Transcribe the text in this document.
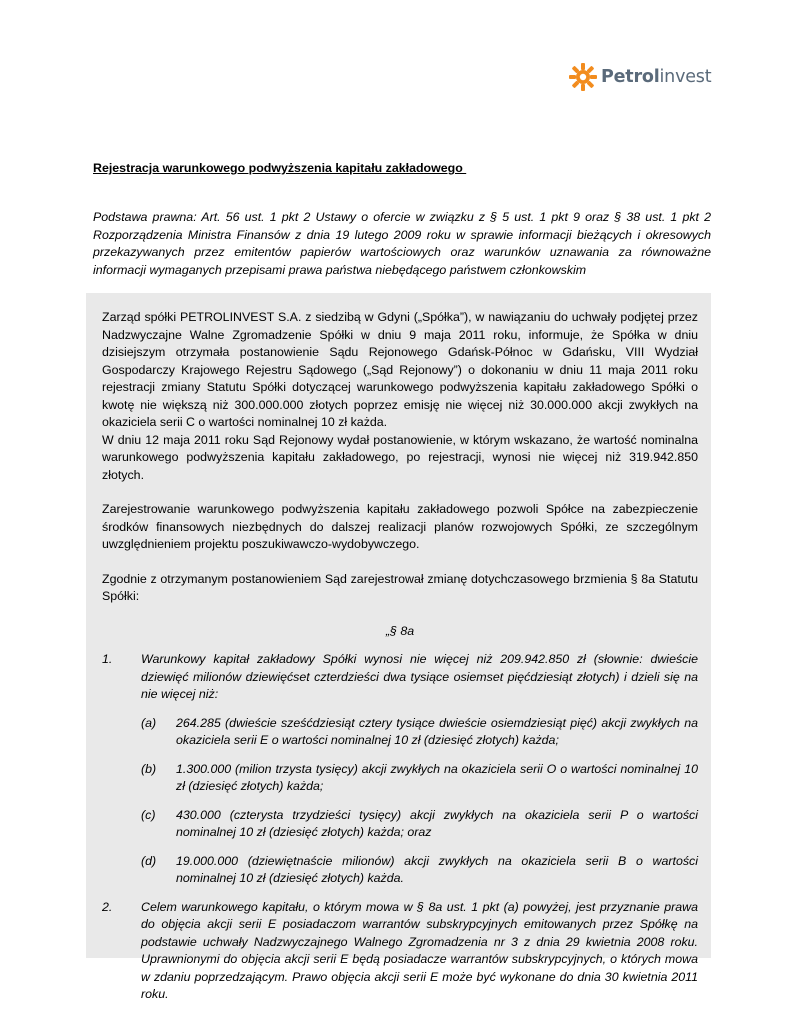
Petrolinvest
Rejestracja warunkowego podwyższenia kapitału zakładowego
Podstawa prawna: Art. 56 ust. 1 pkt 2 Ustawy o ofercie w związku z § 5 ust. 1 pkt 9 oraz § 38 ust. 1 pkt 2 Rozporządzenia Ministra Finansów z dnia 19 lutego 2009 roku w sprawie informacji bieżących i okresowych przekazywanych przez emitentów papierów wartościowych oraz warunków uznawania za równoważne informacji wymaganych przepisami prawa państwa niebędącego państwem członkowskim

Zarząd spółki PETROLINVEST S.A. z siedzibą w Gdyni („Spółka”), w nawiązaniu do uchwały podjętej przez Nadzwyczajne Walne Zgromadzenie Spółki w dniu 9 maja 2011 roku, informuje, że Spółka w dniu dzisiejszym otrzymała postanowienie Sądu Rejonowego Gdańsk-Północ w Gdańsku, VIII Wydział Gospodarczy Krajowego Rejestru Sądowego („Sąd Rejonowy”) o dokonaniu w dniu 11 maja 2011 roku rejestracji zmiany Statutu Spółki dotyczącej warunkowego podwyższenia kapitału zakładowego Spółki o kwotę nie większą niż 300.000.000 złotych poprzez emisję nie więcej niż 30.000.000 akcji zwykłych na okaziciela serii C o wartości nominalnej 10 zł każda.

W dniu 12 maja 2011 roku Sąd Rejonowy wydał postanowienie, w którym wskazano, że wartość nominalna warunkowego podwyższenia kapitału zakładowego, po rejestracji, wynosi nie więcej niż 319.942.850 złotych.

Zarejestrowanie warunkowego podwyższenia kapitału zakładowego pozwoli Spółce na zabezpieczenie środków finansowych niezbędnych do dalszej realizacji planów rozwojowych Spółki, ze szczególnym uwzględnieniem projektu poszukiwawczo-wydobywczego.

Zgodnie z otrzymanym postanowieniem Sąd zarejestrował zmianę dotychczasowego brzmienia § 8a Statutu Spółki:

„§ 8a

1.	Warunkowy kapitał zakładowy Spółki wynosi nie więcej niż 209.942.850 zł (słownie: dwieście dziewięć milionów dziewięćset czterdzieści dwa tysiące osiemset pięćdziesiąt złotych) i dzieli się na nie więcej niż:
(a)	264.285 (dwieście sześćdziesiąt cztery tysiące dwieście osiemdziesiąt pięć) akcji zwykłych na okaziciela serii E o wartości nominalnej 10 zł (dziesięć złotych) każda;
(b)	1.300.000 (milion trzysta tysięcy) akcji zwykłych na okaziciela serii O o wartości nominalnej 10 zł (dziesięć złotych) każda;
(c)	430.000 (czterysta trzydzieści tysięcy) akcji zwykłych na okaziciela serii P o wartości nominalnej 10 zł (dziesięć złotych) każda; oraz
(d)	19.000.000 (dziewiętnaście milionów) akcji zwykłych na okaziciela serii B o wartości nominalnej 10 zł (dziesięć złotych) każda.
2.	Celem warunkowego kapitału, o którym mowa w § 8a ust. 1 pkt (a) powyżej, jest przyznanie prawa do objęcia akcji serii E posiadaczom warrantów subskrypcyjnych emitowanych przez Spółkę na podstawie uchwały Nadzwyczajnego Walnego Zgromadzenia nr 3 z dnia 29 kwietnia 2008 roku. Uprawnionymi do objęcia akcji serii E będą posiadacze warrantów subskrypcyjnych, o których mowa w zdaniu poprzedzającym. Prawo objęcia akcji serii E może być wykonane do dnia 30 kwietnia 2011 roku.
